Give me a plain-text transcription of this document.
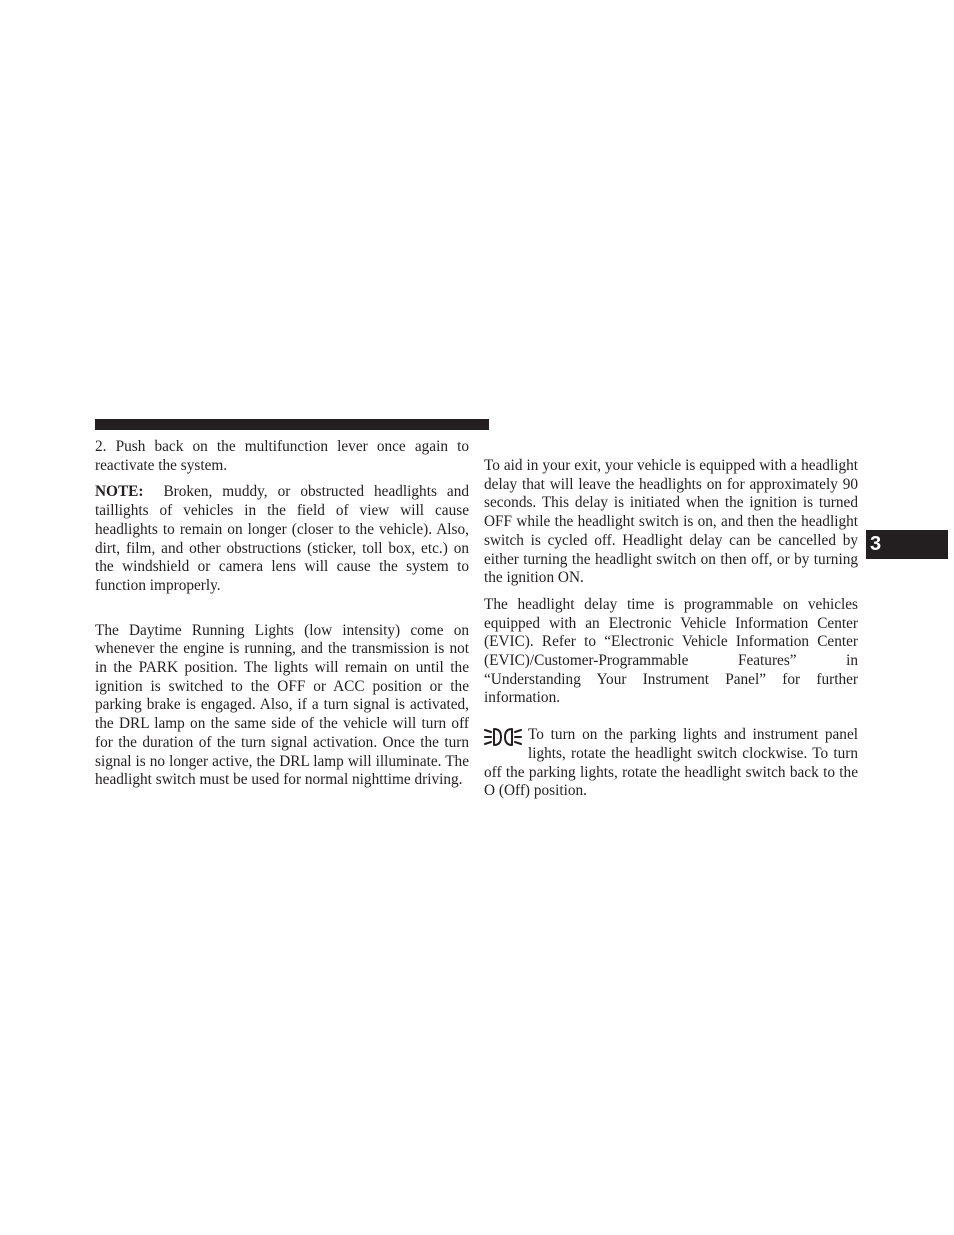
2. Push back on the multifunction lever once again to reactivate the system.

NOTE: Broken, muddy, or obstructed headlights and taillights of vehicles in the field of view will cause headlights to remain on longer (closer to the vehicle). Also, dirt, film, and other obstructions (sticker, toll box, etc.) on the windshield or camera lens will cause the system to function improperly.

The Daytime Running Lights (low intensity) come on whenever the engine is running, and the transmission is not in the PARK position. The lights will remain on until the ignition is switched to the OFF or ACC position or the parking brake is engaged. Also, if a turn signal is activated, the DRL lamp on the same side of the vehicle will turn off for the duration of the turn signal activation. Once the turn signal is no longer active, the DRL lamp will illuminate. The headlight switch must be used for normal nighttime driving.

To aid in your exit, your vehicle is equipped with a headlight delay that will leave the headlights on for approximately 90 seconds. This delay is initiated when the ignition is turned OFF while the headlight switch is on, and then the headlight switch is cycled off. Headlight delay can be cancelled by either turning the headlight switch on then off, or by turning the ignition ON.

The headlight delay time is programmable on vehicles equipped with an Electronic Vehicle Information Center (EVIC). Refer to “Electronic Vehicle Information Center (EVIC)/Customer-Programmable Features” in “Understanding Your Instrument Panel” for further information.

To turn on the parking lights and instrument panel lights, rotate the headlight switch clockwise. To turn off the parking lights, rotate the headlight switch back to the O (Off) position.

3
